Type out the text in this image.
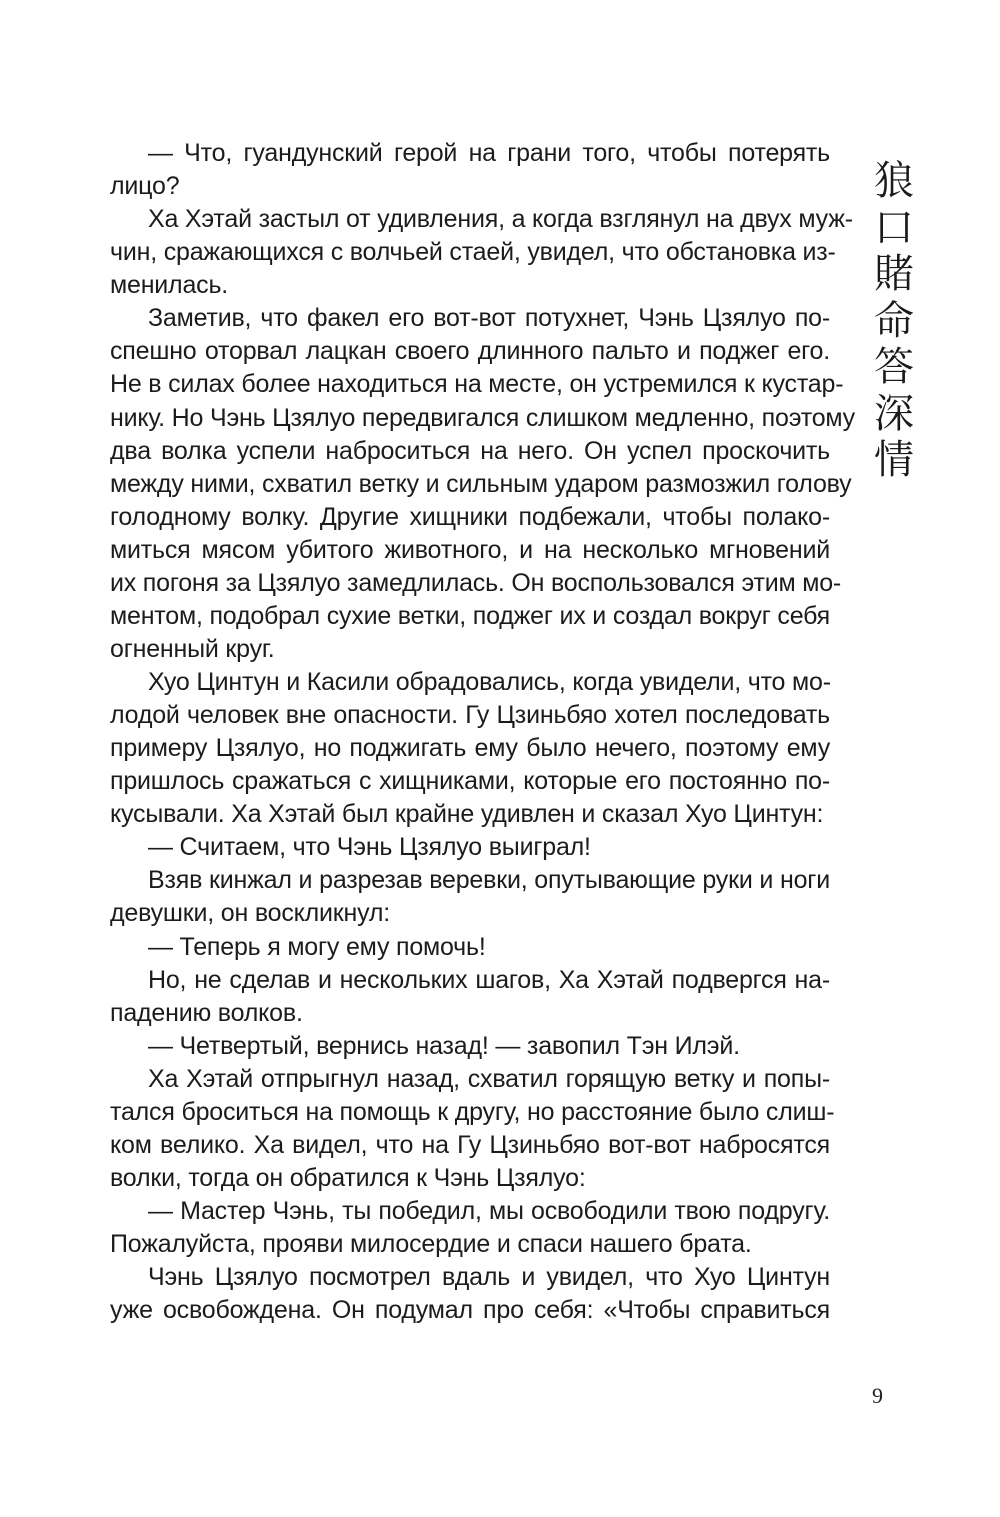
— Что, гуандунский герой на грани того, чтобы потерять
лицо?
Ха Хэтай застыл от удивления, а когда взглянул на двух муж-
чин, сражающихся с волчьей стаей, увидел, что обстановка из-
менилась.
Заметив, что факел его вот-вот потухнет, Чэнь Цзялуо по-
спешно оторвал лацкан своего длинного пальто и поджег его.
Не в силах более находиться на месте, он устремился к кустар-
нику. Но Чэнь Цзялуо передвигался слишком медленно, поэтому
два волка успели наброситься на него. Он успел проскочить
между ними, схватил ветку и сильным ударом размозжил голову
голодному волку. Другие хищники подбежали, чтобы полако-
миться мясом убитого животного, и на несколько мгновений
их погоня за Цзялуо замедлилась. Он воспользовался этим мо-
ментом, подобрал сухие ветки, поджег их и создал вокруг себя
огненный круг.
Хуо Цинтун и Касили обрадовались, когда увидели, что мо-
лодой человек вне опасности. Гу Цзиньбяо хотел последовать
примеру Цзялуо, но поджигать ему было нечего, поэтому ему
пришлось сражаться с хищниками, которые его постоянно по-
кусывали. Ха Хэтай был крайне удивлен и сказал Хуо Цинтун:
— Считаем, что Чэнь Цзялуо выиграл!
Взяв кинжал и разрезав веревки, опутывающие руки и ноги
девушки, он воскликнул:
— Теперь я могу ему помочь!
Но, не сделав и нескольких шагов, Ха Хэтай подвергся на-
падению волков.
— Четвертый, вернись назад! — завопил Тэн Илэй.
Ха Хэтай отпрыгнул назад, схватил горящую ветку и попы-
тался броситься на помощь к другу, но расстояние было слиш-
ком велико. Ха видел, что на Гу Цзиньбяо вот-вот набросятся
волки, тогда он обратился к Чэнь Цзялуо:
— Мастер Чэнь, ты победил, мы освободили твою подругу.
Пожалуйста, прояви милосердие и спаси нашего брата.
Чэнь Цзялуо посмотрел вдаль и увидел, что Хуо Цинтун
уже освобождена. Он подумал про себя: «Чтобы справиться
狼
口
賭
命
答
深
情
9
